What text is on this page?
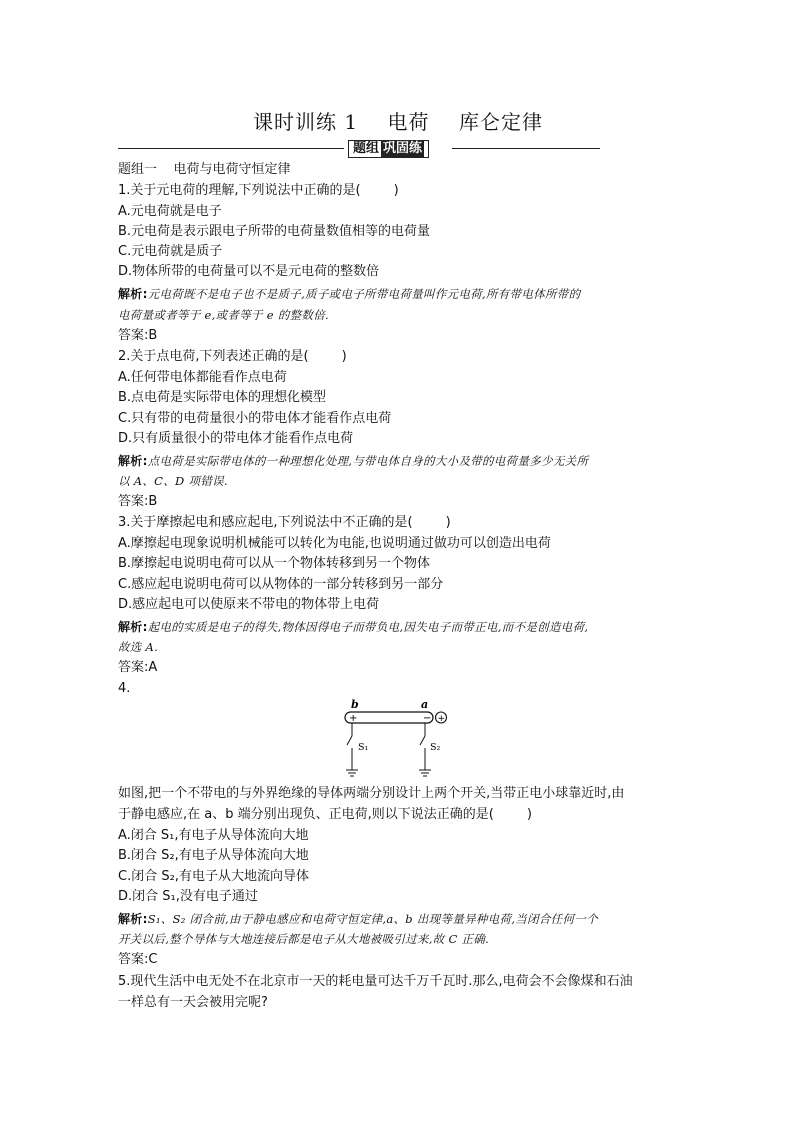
课时训练 1    电荷    库仑定律
题组 巩固练
题组一    电荷与电荷守恒定律
1.关于元电荷的理解,下列说法中正确的是(        )
A.元电荷就是电子
B.元电荷是表示跟电子所带的电荷量数值相等的电荷量
C.元电荷就是质子
D.物体所带的电荷量可以不是元电荷的整数倍
解析:元电荷既不是电子也不是质子,质子或电子所带电荷量叫作元电荷,所有带电体所带的
电荷量或者等于 e,或者等于 e 的整数倍.
答案:B
2.关于点电荷,下列表述正确的是(        )
A.任何带电体都能看作点电荷
B.点电荷是实际带电体的理想化模型
C.只有带的电荷量很小的带电体才能看作点电荷
D.只有质量很小的带电体才能看作点电荷
解析:点电荷是实际带电体的一种理想化处理,与带电体自身的大小及带的电荷量多少无关所
以 A、C、D 项错误.
答案:B
3.关于摩擦起电和感应起电,下列说法中不正确的是(        )
A.摩擦起电现象说明机械能可以转化为电能,也说明通过做功可以创造出电荷
B.摩擦起电说明电荷可以从一个物体转移到另一个物体
C.感应起电说明电荷可以从物体的一部分转移到另一部分
D.感应起电可以使原来不带电的物体带上电荷
解析:起电的实质是电子的得失,物体因得电子而带负电,因失电子而带正电,而不是创造电荷,
故选 A.
答案:A
4.
b	a
+	− +
S₁	S₂
如图,把一个不带电的与外界绝缘的导体两端分别设计上两个开关,当带正电小球靠近时,由
于静电感应,在 a、b 端分别出现负、正电荷,则以下说法正确的是(        )
A.闭合 S₁,有电子从导体流向大地
B.闭合 S₂,有电子从导体流向大地
C.闭合 S₂,有电子从大地流向导体
D.闭合 S₁,没有电子通过
解析:S₁、S₂ 闭合前,由于静电感应和电荷守恒定律,a、b 出现等量异种电荷,当闭合任何一个
开关以后,整个导体与大地连接后都是电子从大地被吸引过来,故 C 正确.
答案:C
5.现代生活中电无处不在北京市一天的耗电量可达千万千瓦时.那么,电荷会不会像煤和石油
一样总有一天会被用完呢?
